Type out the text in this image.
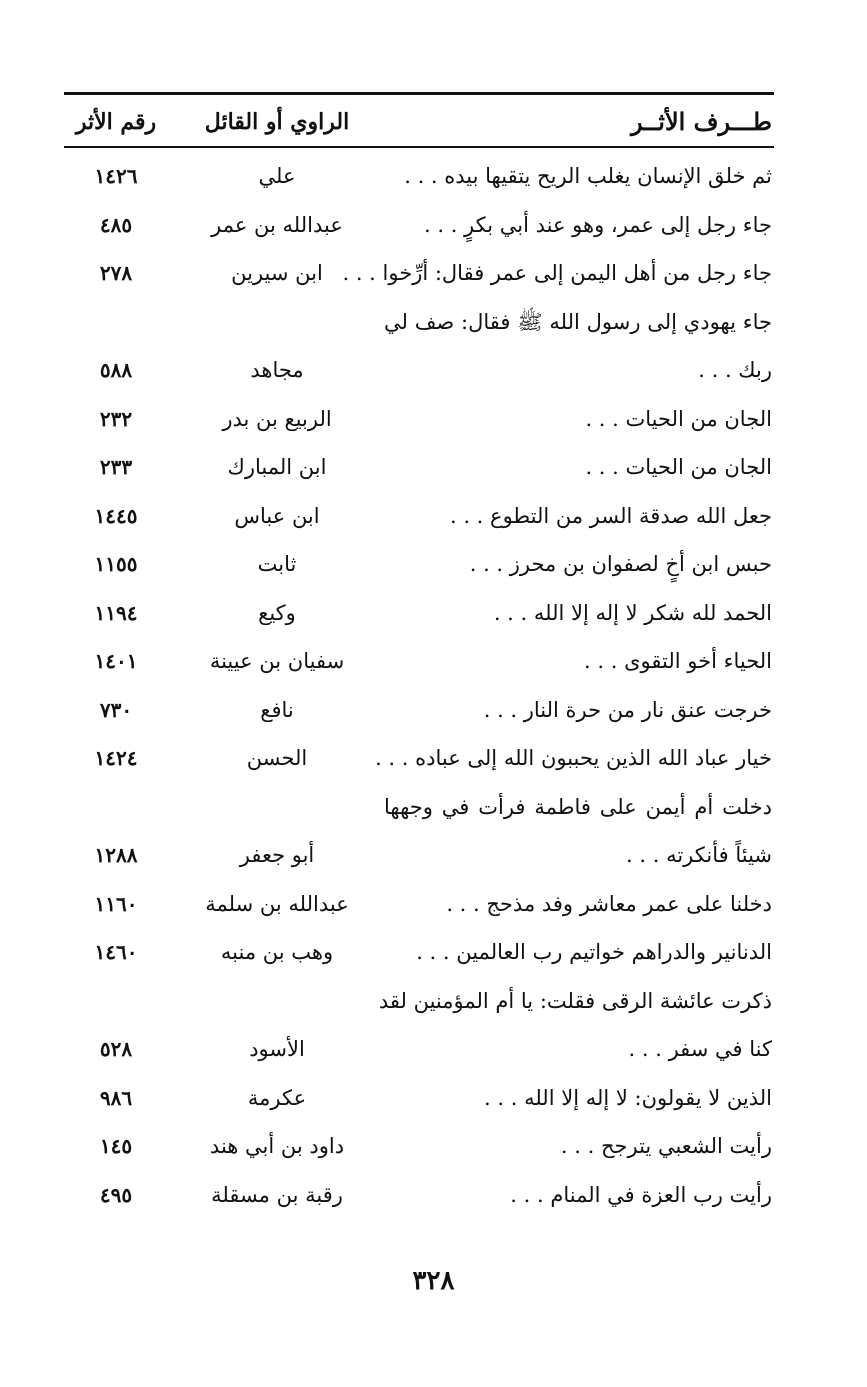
طـــرف الأثــر
الراوي أو القائل
رقم الأثر
ثم خلق الإنسان يغلب الريح يتقيها بيده . . .
علي
١٤٢٦
جاء رجل إلى عمر، وهو عند أبي بكرٍ . . .
عبدالله بن عمر
٤٨٥
جاء رجل من أهل اليمن إلى عمر فقال: أرِّخوا . . .
ابن سيرين
٢٧٨
جاء يهودي إلى رسول الله ﷺ فقال: صف لي
ربك . . .
مجاهد
٥٨٨
الجان من الحيات . . .
الربيع بن بدر
٢٣٢
الجان من الحيات . . .
ابن المبارك
٢٣٣
جعل الله صدقة السر من التطوع . . .
ابن عباس
١٤٤٥
حبس ابن أخٍ لصفوان بن محرز . . .
ثابت
١١٥٥
الحمد لله شكر لا إله إلا الله . . .
وكيع
١١٩٤
الحياء أخو التقوى . . .
سفيان بن عيينة
١٤٠١
خرجت عنق نار من حرة النار . . .
نافع
٧٣٠
خيار عباد الله الذين يحببون الله إلى عباده . . .
الحسن
١٤٢٤
دخلت أم أيمن على فاطمة فرأت في وجهها
شيئاً فأنكرته . . .
أبو جعفر
١٢٨٨
دخلنا على عمر معاشر وفد مذحج . . .
عبدالله بن سلمة
١١٦٠
الدنانير والدراهم خواتيم رب العالمين . . .
وهب بن منبه
١٤٦٠
ذكرت عائشة الرقى فقلت: يا أم المؤمنين لقد
كنا في سفر . . .
الأسود
٥٢٨
الذين لا يقولون: لا إله إلا الله . . .
عكرمة
٩٨٦
رأيت الشعبي يترجح . . .
داود بن أبي هند
١٤٥
رأيت رب العزة في المنام . . .
رقبة بن مسقلة
٤٩٥
٣٢٨
